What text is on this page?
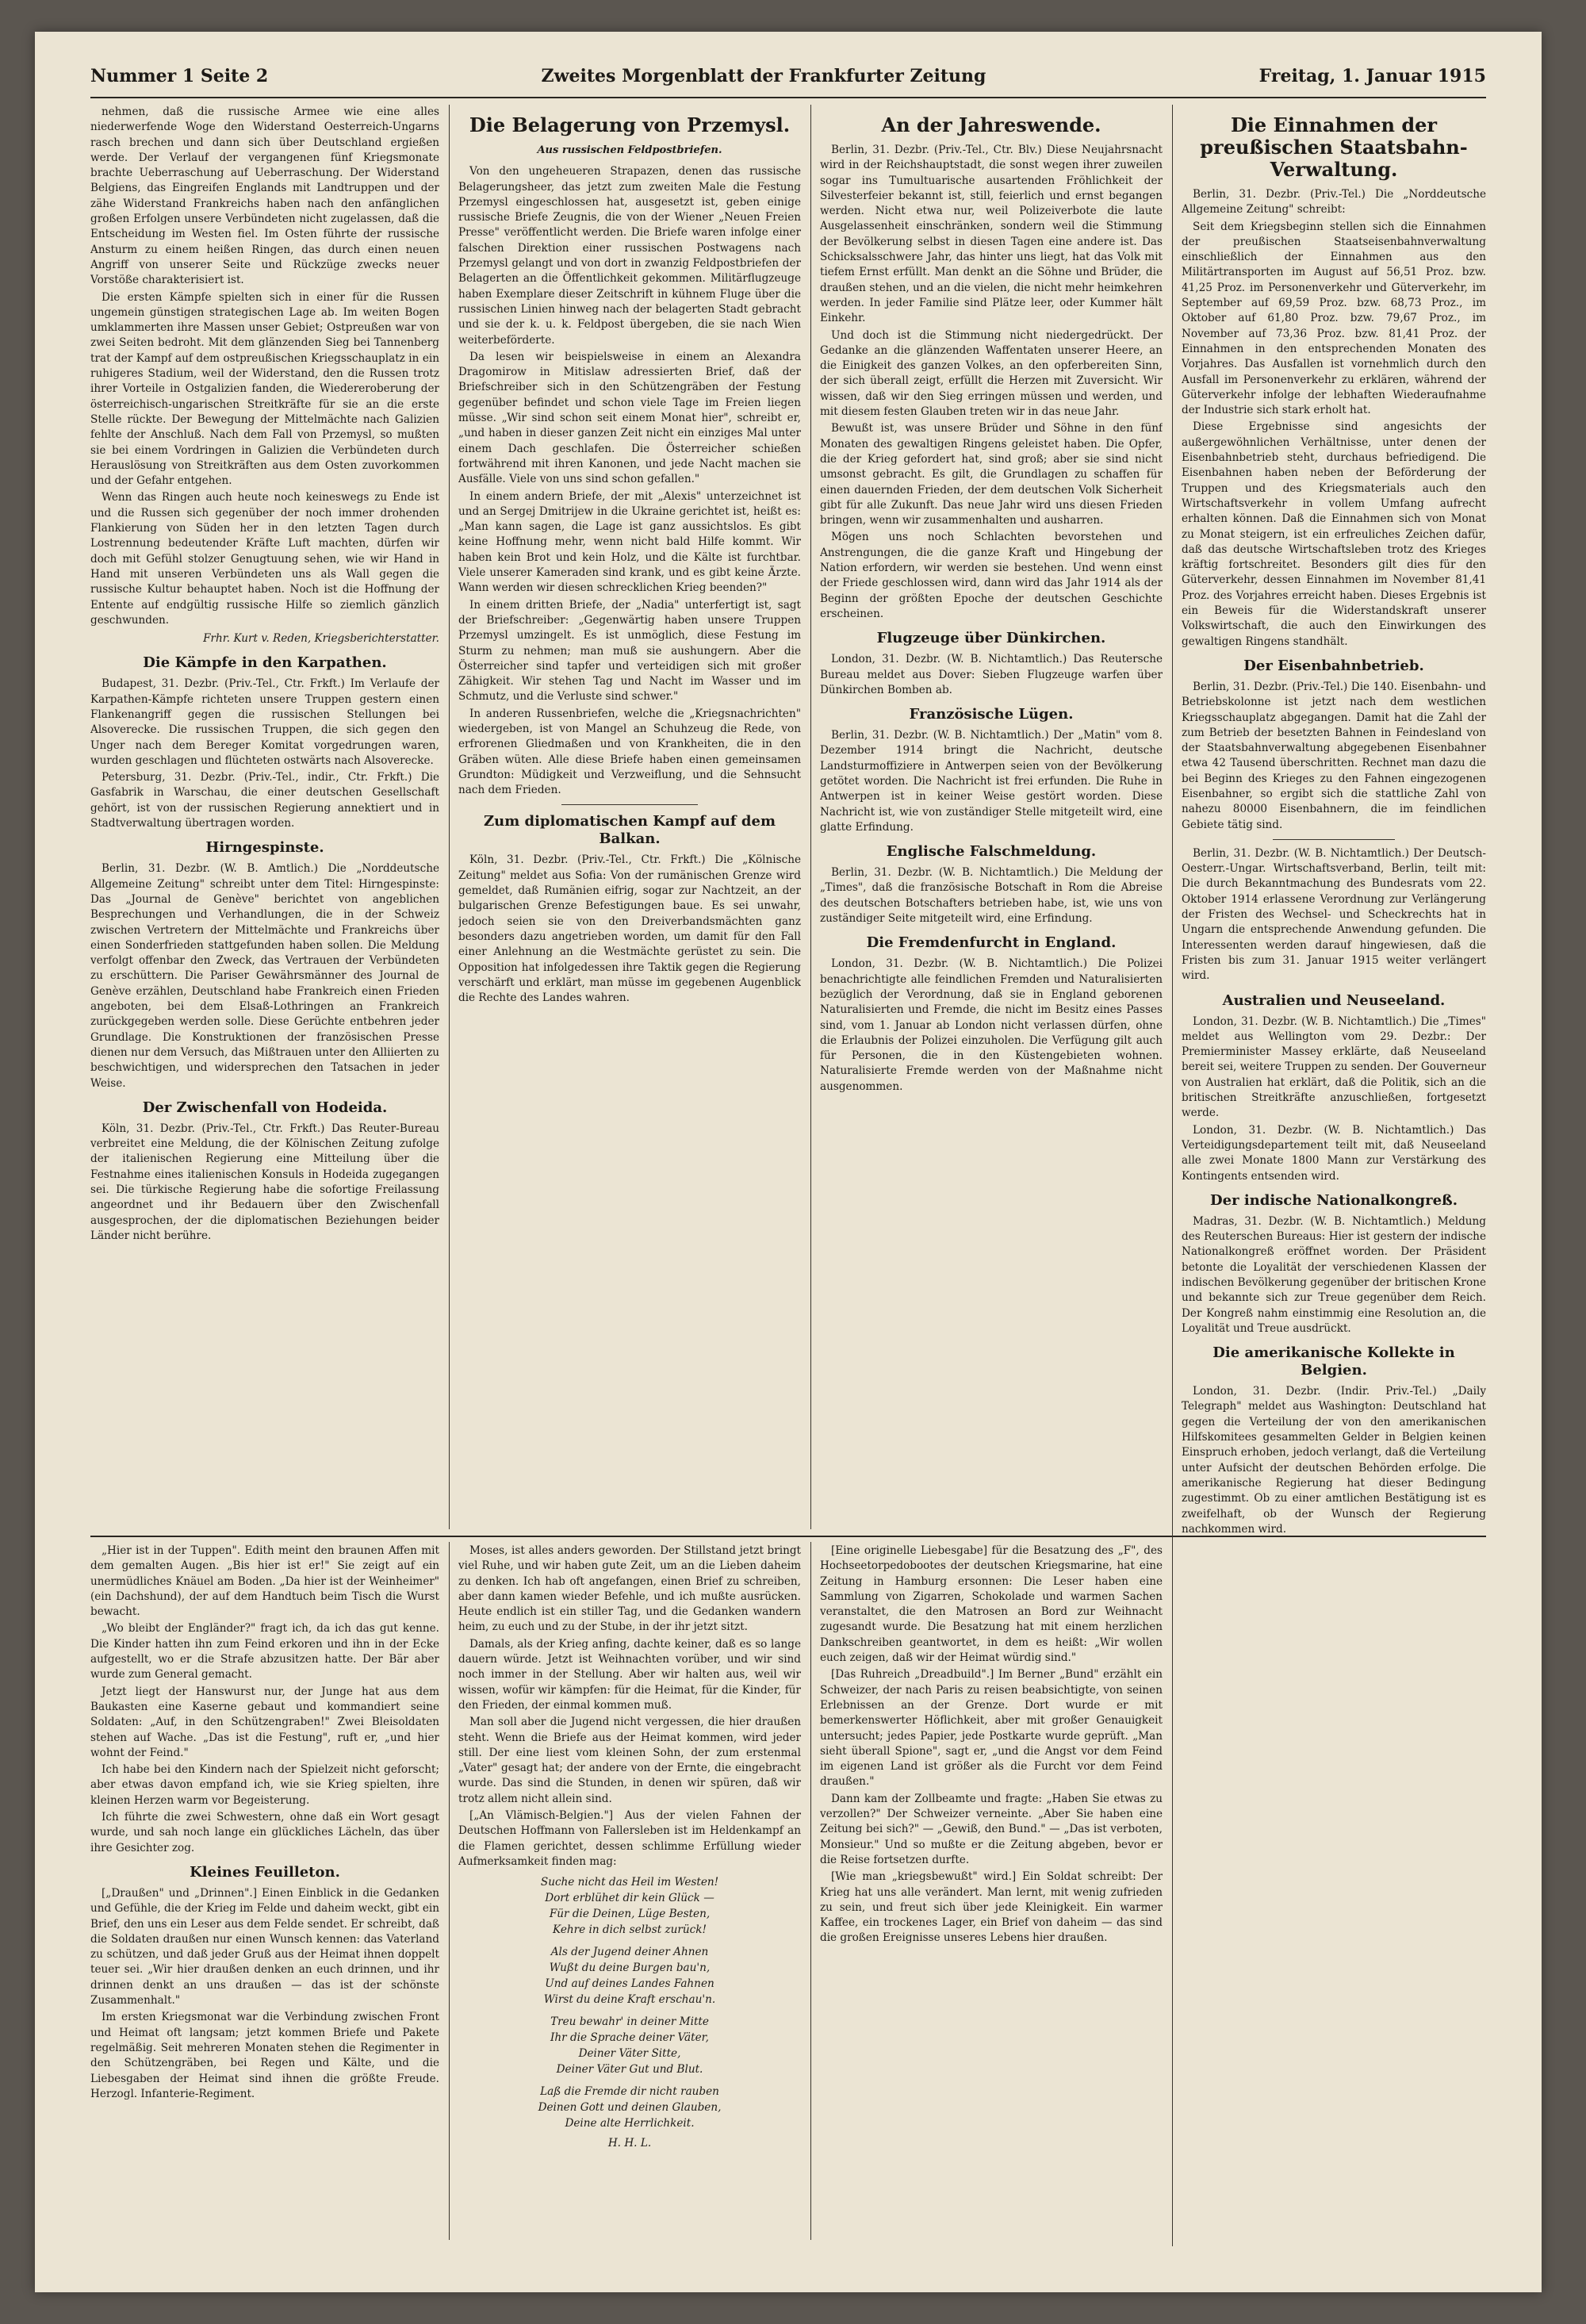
Nummer 1 Seite 2	Zweites Morgenblatt der Frankfurter Zeitung	Freitag, 1. Januar 1915

nehmen, daß die russische Armee wie eine alles niederwerfende Woge den Widerstand Oesterreich-Ungarns rasch brechen und dann sich über Deutschland ergießen werde. Der Verlauf der vergangenen fünf Kriegsmonate brachte Ueberraschung auf Ueberraschung. Der Widerstand Belgiens, das Eingreifen Englands mit Landtruppen und der zähe Widerstand Frankreichs haben nach den anfänglichen großen Erfolgen unsere Verbündeten nicht zugelassen, daß die Entscheidung im Westen fiel. Im Osten führte der russische Ansturm zu einem heißen Ringen, das durch einen neuen Angriff von unserer Seite und Rückzüge zwecks neuer Vorstöße charakterisiert ist.

Die ersten Kämpfe spielten sich in einer für die Russen ungemein günstigen strategischen Lage ab. Im weiten Bogen umklammerten ihre Massen unser Gebiet; Ostpreußen war von zwei Seiten bedroht. Mit dem glänzenden Sieg bei Tannenberg trat der Kampf auf dem ostpreußischen Kriegsschauplatz in ein ruhigeres Stadium, weil der Widerstand, den die Russen trotz ihrer Vorteile in Ostgalizien fanden, die Wiedereroberung der österreichisch-ungarischen Streitkräfte für sie an die erste Stelle rückte. Der Bewegung der Mittelmächte nach Galizien fehlte der Anschluß. Nach dem Fall von Przemysl, so mußten sie bei einem Vordringen in Galizien die Verbündeten durch Herauslösung von Streitkräften aus dem Osten zuvorkommen und der Gefahr entgehen.

Wenn das Ringen auch heute noch keineswegs zu Ende ist und die Russen sich gegenüber der noch immer drohenden Flankierung von Süden her in den letzten Tagen durch Lostrennung bedeutender Kräfte Luft machten, dürfen wir doch mit Gefühl stolzer Genugtuung sehen, wie wir Hand in Hand mit unseren Verbündeten uns als Wall gegen die russische Kultur behauptet haben. Noch ist die Hoffnung der Entente auf endgültig russische Hilfe so ziemlich gänzlich geschwunden.

Frhr. Kurt v. Reden, Kriegsberichterstatter.
Die Kämpfe in den Karpathen.

Budapest, 31. Dezbr. (Priv.-Tel., Ctr. Frkft.) Im Verlaufe der Karpathen-Kämpfe richteten unsere Truppen gestern einen Flankenangriff gegen die russischen Stellungen bei Alsoverecke. Die russischen Truppen, die sich gegen den Unger nach dem Bereger Komitat vorgedrungen waren, wurden geschlagen und flüchteten ostwärts nach Alsoverecke.

Petersburg, 31. Dezbr. (Priv.-Tel., indir., Ctr. Frkft.) Die Gasfabrik in Warschau, die einer deutschen Gesellschaft gehört, ist von der russischen Regierung annektiert und in Stadtverwaltung übertragen worden.

Hirngespinste.

Berlin, 31. Dezbr. (W. B. Amtlich.) Die „Norddeutsche Allgemeine Zeitung" schreibt unter dem Titel: Hirngespinste: Das „Journal de Genève" berichtet von angeblichen Besprechungen und Verhandlungen, die in der Schweiz zwischen Vertretern der Mittelmächte und Frankreichs über einen Sonderfrieden stattgefunden haben sollen. Die Meldung verfolgt offenbar den Zweck, das Vertrauen der Verbündeten zu erschüttern. Die Pariser Gewährsmänner des Journal de Genève erzählen, Deutschland habe Frankreich einen Frieden angeboten, bei dem Elsaß-Lothringen an Frankreich zurückgegeben werden solle. Diese Gerüchte entbehren jeder Grundlage. Die Konstruktionen der französischen Presse dienen nur dem Versuch, das Mißtrauen unter den Alliierten zu beschwichtigen, und widersprechen den Tatsachen in jeder Weise.

Der Zwischenfall von Hodeida.

Köln, 31. Dezbr. (Priv.-Tel., Ctr. Frkft.) Das Reuter-Bureau verbreitet eine Meldung, die der Kölnischen Zeitung zufolge der italienischen Regierung eine Mitteilung über die Festnahme eines italienischen Konsuls in Hodeida zugegangen sei. Die türkische Regierung habe die sofortige Freilassung angeordnet und ihr Bedauern über den Zwischenfall ausgesprochen, der die diplomatischen Beziehungen beider Länder nicht berühre.

Die Belagerung von Przemysl.
Aus russischen Feldpostbriefen.

Von den ungeheueren Strapazen, denen das russische Belagerungsheer, das jetzt zum zweiten Male die Festung Przemysl eingeschlossen hat, ausgesetzt ist, geben einige russische Briefe Zeugnis, die von der Wiener „Neuen Freien Presse" veröffentlicht werden. Die Briefe waren infolge einer falschen Direktion einer russischen Postwagens nach Przemysl gelangt und von dort in zwanzig Feldpostbriefen der Belagerten an die Öffentlichkeit gekommen. Militärflugzeuge haben Exemplare dieser Zeitschrift in kühnem Fluge über die russischen Linien hinweg nach der belagerten Stadt gebracht und sie der k. u. k. Feldpost übergeben, die sie nach Wien weiterbeförderte.

Da lesen wir beispielsweise in einem an Alexandra Dragomirow in Mitislaw adressierten Brief, daß der Briefschreiber sich in den Schützengräben der Festung gegenüber befindet und schon viele Tage im Freien liegen müsse. „Wir sind schon seit einem Monat hier", schreibt er, „und haben in dieser ganzen Zeit nicht ein einziges Mal unter einem Dach geschlafen. Die Österreicher schießen fortwährend mit ihren Kanonen, und jede Nacht machen sie Ausfälle. Viele von uns sind schon gefallen."

In einem andern Briefe, der mit „Alexis" unterzeichnet ist und an Sergej Dmitrijew in die Ukraine gerichtet ist, heißt es: „Man kann sagen, die Lage ist ganz aussichtslos. Es gibt keine Hoffnung mehr, wenn nicht bald Hilfe kommt. Wir haben kein Brot und kein Holz, und die Kälte ist furchtbar. Viele unserer Kameraden sind krank, und es gibt keine Ärzte. Wann werden wir diesen schrecklichen Krieg beenden?"

In einem dritten Briefe, der „Nadia" unterfertigt ist, sagt der Briefschreiber: „Gegenwärtig haben unsere Truppen Przemysl umzingelt. Es ist unmöglich, diese Festung im Sturm zu nehmen; man muß sie aushungern. Aber die Österreicher sind tapfer und verteidigen sich mit großer Zähigkeit. Wir stehen Tag und Nacht im Wasser und im Schmutz, und die Verluste sind schwer."

In anderen Russenbriefen, welche die „Kriegsnachrichten" wiedergeben, ist von Mangel an Schuhzeug die Rede, von erfrorenen Gliedmaßen und von Krankheiten, die in den Gräben wüten. Alle diese Briefe haben einen gemeinsamen Grundton: Müdigkeit und Verzweiflung, und die Sehnsucht nach dem Frieden.

Zum diplomatischen Kampf auf dem Balkan.

Köln, 31. Dezbr. (Priv.-Tel., Ctr. Frkft.) Die „Kölnische Zeitung" meldet aus Sofia: Von der rumänischen Grenze wird gemeldet, daß Rumänien eifrig, sogar zur Nachtzeit, an der bulgarischen Grenze Befestigungen baue. Es sei unwahr, jedoch seien sie von den Dreiverbandsmächten ganz besonders dazu angetrieben worden, um damit für den Fall einer Anlehnung an die Westmächte gerüstet zu sein. Die Opposition hat infolgedessen ihre Taktik gegen die Regierung verschärft und erklärt, man müsse im gegebenen Augenblick die Rechte des Landes wahren.

An der Jahreswende.

Berlin, 31. Dezbr. (Priv.-Tel., Ctr. Blv.) Diese Neujahrsnacht wird in der Reichshauptstadt, die sonst wegen ihrer zuweilen sogar ins Tumultuarische ausartenden Fröhlichkeit der Silvesterfeier bekannt ist, still, feierlich und ernst begangen werden. Nicht etwa nur, weil Polizeiverbote die laute Ausgelassenheit einschränken, sondern weil die Stimmung der Bevölkerung selbst in diesen Tagen eine andere ist. Das Schicksalsschwere Jahr, das hinter uns liegt, hat das Volk mit tiefem Ernst erfüllt. Man denkt an die Söhne und Brüder, die draußen stehen, und an die vielen, die nicht mehr heimkehren werden. In jeder Familie sind Plätze leer, oder Kummer hält Einkehr.

Und doch ist die Stimmung nicht niedergedrückt. Der Gedanke an die glänzenden Waffentaten unserer Heere, an die Einigkeit des ganzen Volkes, an den opferbereiten Sinn, der sich überall zeigt, erfüllt die Herzen mit Zuversicht. Wir wissen, daß wir den Sieg erringen müssen und werden, und mit diesem festen Glauben treten wir in das neue Jahr.

Bewußt ist, was unsere Brüder und Söhne in den fünf Monaten des gewaltigen Ringens geleistet haben. Die Opfer, die der Krieg gefordert hat, sind groß; aber sie sind nicht umsonst gebracht. Es gilt, die Grundlagen zu schaffen für einen dauernden Frieden, der dem deutschen Volk Sicherheit gibt für alle Zukunft. Das neue Jahr wird uns diesen Frieden bringen, wenn wir zusammenhalten und ausharren.

Mögen uns noch Schlachten bevorstehen und Anstrengungen, die die ganze Kraft und Hingebung der Nation erfordern, wir werden sie bestehen. Und wenn einst der Friede geschlossen wird, dann wird das Jahr 1914 als der Beginn der größten Epoche der deutschen Geschichte erscheinen.

Flugzeuge über Dünkirchen.

London, 31. Dezbr. (W. B. Nichtamtlich.) Das Reutersche Bureau meldet aus Dover: Sieben Flugzeuge warfen über Dünkirchen Bomben ab.

Französische Lügen.

Berlin, 31. Dezbr. (W. B. Nichtamtlich.) Der „Matin" vom 8. Dezember 1914 bringt die Nachricht, deutsche Landsturmoffiziere in Antwerpen seien von der Bevölkerung getötet worden. Die Nachricht ist frei erfunden. Die Ruhe in Antwerpen ist in keiner Weise gestört worden. Diese Nachricht ist, wie von zuständiger Stelle mitgeteilt wird, eine glatte Erfindung.

Englische Falschmeldung.

Berlin, 31. Dezbr. (W. B. Nichtamtlich.) Die Meldung der „Times", daß die französische Botschaft in Rom die Abreise des deutschen Botschafters betrieben habe, ist, wie uns von zuständiger Seite mitgeteilt wird, eine Erfindung.

Die Fremdenfurcht in England.

London, 31. Dezbr. (W. B. Nichtamtlich.) Die Polizei benachrichtigte alle feindlichen Fremden und Naturalisierten bezüglich der Verordnung, daß sie in England geborenen Naturalisierten und Fremde, die nicht im Besitz eines Passes sind, vom 1. Januar ab London nicht verlassen dürfen, ohne die Erlaubnis der Polizei einzuholen. Die Verfügung gilt auch für Personen, die in den Küstengebieten wohnen. Naturalisierte Fremde werden von der Maßnahme nicht ausgenommen.

Die Einnahmen der preußischen Staatsbahn-Verwaltung.

Berlin, 31. Dezbr. (Priv.-Tel.) Die „Norddeutsche Allgemeine Zeitung" schreibt:

Seit dem Kriegsbeginn stellen sich die Einnahmen der preußischen Staatseisenbahnverwaltung einschließlich der Einnahmen aus den Militärtransporten im August auf 56,51 Proz. bzw. 41,25 Proz. im Personenverkehr und Güterverkehr, im September auf 69,59 Proz. bzw. 68,73 Proz., im Oktober auf 61,80 Proz. bzw. 79,67 Proz., im November auf 73,36 Proz. bzw. 81,41 Proz. der Einnahmen in den entsprechenden Monaten des Vorjahres. Das Ausfallen ist vornehmlich durch den Ausfall im Personenverkehr zu erklären, während der Güterverkehr infolge der lebhaften Wiederaufnahme der Industrie sich stark erholt hat.

Diese Ergebnisse sind angesichts der außergewöhnlichen Verhältnisse, unter denen der Eisenbahnbetrieb steht, durchaus befriedigend. Die Eisenbahnen haben neben der Beförderung der Truppen und des Kriegsmaterials auch den Wirtschaftsverkehr in vollem Umfang aufrecht erhalten können. Daß die Einnahmen sich von Monat zu Monat steigern, ist ein erfreuliches Zeichen dafür, daß das deutsche Wirtschaftsleben trotz des Krieges kräftig fortschreitet. Besonders gilt dies für den Güterverkehr, dessen Einnahmen im November 81,41 Proz. des Vorjahres erreicht haben. Dieses Ergebnis ist ein Beweis für die Widerstandskraft unserer Volkswirtschaft, die auch den Einwirkungen des gewaltigen Ringens standhält.

Der Eisenbahnbetrieb.

Berlin, 31. Dezbr. (Priv.-Tel.) Die 140. Eisenbahn- und Betriebskolonne ist jetzt nach dem westlichen Kriegsschauplatz abgegangen. Damit hat die Zahl der zum Betrieb der besetzten Bahnen in Feindesland von der Staatsbahnverwaltung abgegebenen Eisenbahner etwa 42 Tausend überschritten. Rechnet man dazu die bei Beginn des Krieges zu den Fahnen eingezogenen Eisenbahner, so ergibt sich die stattliche Zahl von nahezu 80000 Eisenbahnern, die im feindlichen Gebiete tätig sind.

Berlin, 31. Dezbr. (W. B. Nichtamtlich.) Der Deutsch-Oesterr.-Ungar. Wirtschaftsverband, Berlin, teilt mit: Die durch Bekanntmachung des Bundesrats vom 22. Oktober 1914 erlassene Verordnung zur Verlängerung der Fristen des Wechsel- und Scheckrechts hat in Ungarn die entsprechende Anwendung gefunden. Die Interessenten werden darauf hingewiesen, daß die Fristen bis zum 31. Januar 1915 weiter verlängert wird.

Australien und Neuseeland.

London, 31. Dezbr. (W. B. Nichtamtlich.) Die „Times" meldet aus Wellington vom 29. Dezbr.: Der Premierminister Massey erklärte, daß Neuseeland bereit sei, weitere Truppen zu senden. Der Gouverneur von Australien hat erklärt, daß die Politik, sich an die britischen Streitkräfte anzuschließen, fortgesetzt werde.

London, 31. Dezbr. (W. B. Nichtamtlich.) Das Verteidigungsdepartement teilt mit, daß Neuseeland alle zwei Monate 1800 Mann zur Verstärkung des Kontingents entsenden wird.

Der indische Nationalkongreß.

Madras, 31. Dezbr. (W. B. Nichtamtlich.) Meldung des Reuterschen Bureaus: Hier ist gestern der indische Nationalkongreß eröffnet worden. Der Präsident betonte die Loyalität der verschiedenen Klassen der indischen Bevölkerung gegenüber der britischen Krone und bekannte sich zur Treue gegenüber dem Reich. Der Kongreß nahm einstimmig eine Resolution an, die Loyalität und Treue ausdrückt.

Die amerikanische Kollekte in Belgien.

London, 31. Dezbr. (Indir. Priv.-Tel.) „Daily Telegraph" meldet aus Washington: Deutschland hat gegen die Verteilung der von den amerikanischen Hilfskomitees gesammelten Gelder in Belgien keinen Einspruch erhoben, jedoch verlangt, daß die Verteilung unter Aufsicht der deutschen Behörden erfolge. Die amerikanische Regierung hat dieser Bedingung zugestimmt. Ob zu einer amtlichen Bestätigung ist es zweifelhaft, ob der Wunsch der Regierung nachkommen wird.

„Hier ist in der Tuppen". Edith meint den braunen Affen mit dem gemalten Augen. „Bis hier ist er!" Sie zeigt auf ein unermüdliches Knäuel am Boden. „Da hier ist der Weinheimer" (ein Dachshund), der auf dem Handtuch beim Tisch die Wurst bewacht.

„Wo bleibt der Engländer?" fragt ich, da ich das gut kenne. Die Kinder hatten ihn zum Feind erkoren und ihn in der Ecke aufgestellt, wo er die Strafe abzusitzen hatte. Der Bär aber wurde zum General gemacht.

Jetzt liegt der Hanswurst nur, der Junge hat aus dem Baukasten eine Kaserne gebaut und kommandiert seine Soldaten: „Auf, in den Schützengraben!" Zwei Bleisoldaten stehen auf Wache. „Das ist die Festung", ruft er, „und hier wohnt der Feind."

Ich habe bei den Kindern nach der Spielzeit nicht geforscht; aber etwas davon empfand ich, wie sie Krieg spielten, ihre kleinen Herzen warm vor Begeisterung.

Ich führte die zwei Schwestern, ohne daß ein Wort gesagt wurde, und sah noch lange ein glückliches Lächeln, das über ihre Gesichter zog.

Kleines Feuilleton.

[„Draußen" und „Drinnen".] Einen Einblick in die Gedanken und Gefühle, die der Krieg im Felde und daheim weckt, gibt ein Brief, den uns ein Leser aus dem Felde sendet. Er schreibt, daß die Soldaten draußen nur einen Wunsch kennen: das Vaterland zu schützen, und daß jeder Gruß aus der Heimat ihnen doppelt teuer sei. „Wir hier draußen denken an euch drinnen, und ihr drinnen denkt an uns draußen — das ist der schönste Zusammenhalt."

Im ersten Kriegsmonat war die Verbindung zwischen Front und Heimat oft langsam; jetzt kommen Briefe und Pakete regelmäßig. Seit mehreren Monaten stehen die Regimenter in den Schützengräben, bei Regen und Kälte, und die Liebesgaben der Heimat sind ihnen die größte Freude. Herzogl. Infanterie-Regiment.

Moses, ist alles anders geworden. Der Stillstand jetzt bringt viel Ruhe, und wir haben gute Zeit, um an die Lieben daheim zu denken. Ich hab oft angefangen, einen Brief zu schreiben, aber dann kamen wieder Befehle, und ich mußte ausrücken. Heute endlich ist ein stiller Tag, und die Gedanken wandern heim, zu euch und zu der Stube, in der ihr jetzt sitzt.

Damals, als der Krieg anfing, dachte keiner, daß es so lange dauern würde. Jetzt ist Weihnachten vorüber, und wir sind noch immer in der Stellung. Aber wir halten aus, weil wir wissen, wofür wir kämpfen: für die Heimat, für die Kinder, für den Frieden, der einmal kommen muß.

Man soll aber die Jugend nicht vergessen, die hier draußen steht. Wenn die Briefe aus der Heimat kommen, wird jeder still. Der eine liest vom kleinen Sohn, der zum erstenmal „Vater" gesagt hat; der andere von der Ernte, die eingebracht wurde. Das sind die Stunden, in denen wir spüren, daß wir trotz allem nicht allein sind.

[„An Vlämisch-Belgien."] Aus der vielen Fahnen der Deutschen Hoffmann von Fallersleben ist im Heldenkampf an die Flamen gerichtet, dessen schlimme Erfüllung wieder Aufmerksamkeit finden mag:

Suche nicht das Heil im Westen!
Dort erblühet dir kein Glück —
Für die Deinen, Lüge Besten,
Kehre in dich selbst zurück!
Als der Jugend deiner Ahnen
Wußt du deine Burgen bau'n,
Und auf deines Landes Fahnen
Wirst du deine Kraft erschau'n.
Treu bewahr' in deiner Mitte
Ihr die Sprache deiner Väter,
Deiner Väter Sitte,
Deiner Väter Gut und Blut.
Laß die Fremde dir nicht rauben
Deinen Gott und deinen Glauben,
Deine alte Herrlichkeit.
H. H. L.

[Eine originelle Liebesgabe] für die Besatzung des „F", des Hochseetorpedobootes der deutschen Kriegsmarine, hat eine Zeitung in Hamburg ersonnen: Die Leser haben eine Sammlung von Zigarren, Schokolade und warmen Sachen veranstaltet, die den Matrosen an Bord zur Weihnacht zugesandt wurde. Die Besatzung hat mit einem herzlichen Dankschreiben geantwortet, in dem es heißt: „Wir wollen euch zeigen, daß wir der Heimat würdig sind."

[Das Ruhreich „Dreadbuild".] Im Berner „Bund" erzählt ein Schweizer, der nach Paris zu reisen beabsichtigte, von seinen Erlebnissen an der Grenze. Dort wurde er mit bemerkenswerter Höflichkeit, aber mit großer Genauigkeit untersucht; jedes Papier, jede Postkarte wurde geprüft. „Man sieht überall Spione", sagt er, „und die Angst vor dem Feind im eigenen Land ist größer als die Furcht vor dem Feind draußen."

Dann kam der Zollbeamte und fragte: „Haben Sie etwas zu verzollen?" Der Schweizer verneinte. „Aber Sie haben eine Zeitung bei sich?" — „Gewiß, den Bund." — „Das ist verboten, Monsieur." Und so mußte er die Zeitung abgeben, bevor er die Reise fortsetzen durfte.

[Wie man „kriegsbewußt" wird.] Ein Soldat schreibt: Der Krieg hat uns alle verändert. Man lernt, mit wenig zufrieden zu sein, und freut sich über jede Kleinigkeit. Ein warmer Kaffee, ein trockenes Lager, ein Brief von daheim — das sind die großen Ereignisse unseres Lebens hier draußen.
